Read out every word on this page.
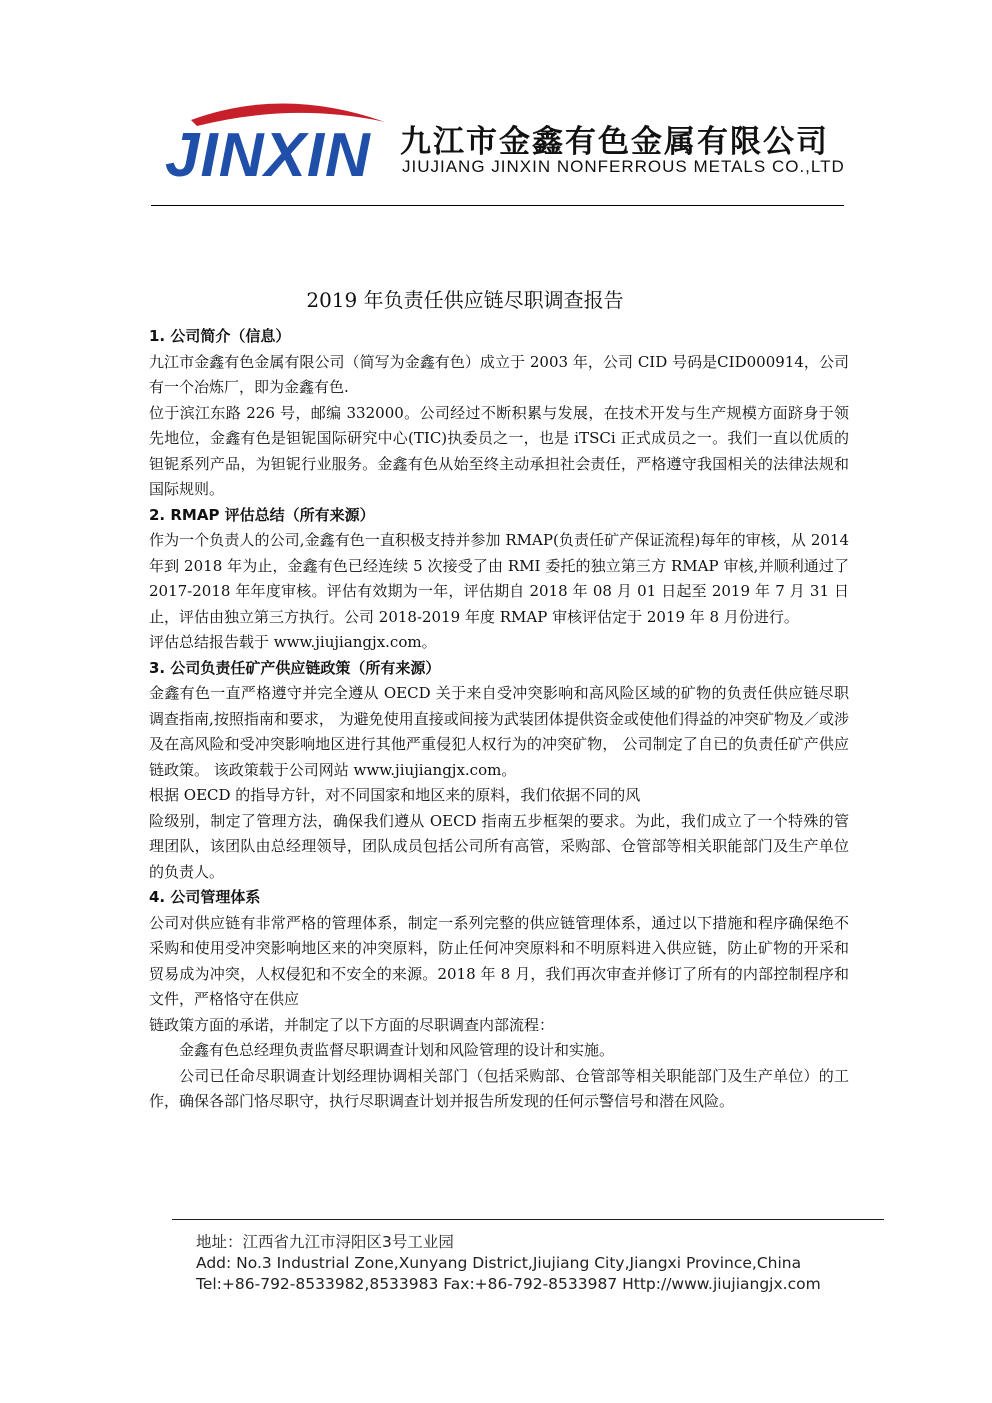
JINXIN 九江市金鑫有色金属有限公司
JIUJIANG JINXIN NONFERROUS METALS CO.,LTD
2019 年负责任供应链尽职调查报告
1. 公司简介（信息）

九江市金鑫有色金属有限公司（简写为金鑫有色）成立于 2003 年，公司 CID 号码是CID000914，公司有一个冶炼厂，即为金鑫有色.

位于滨江东路 226 号，邮编 332000。公司经过不断积累与发展，在技术开发与生产规模方面跻身于领先地位，金鑫有色是钽铌国际研究中心(TIC)执委员之一，也是 iTSCi 正式成员之一。我们一直以优质的钽铌系列产品，为钽铌行业服务。金鑫有色从始至终主动承担社会责任，严格遵守我国相关的法律法规和国际规则。

2. RMAP 评估总结（所有来源）

作为一个负责人的公司,金鑫有色一直积极支持并参加 RMAP(负责任矿产保证流程)每年的审核，从 2014 年到 2018 年为止，金鑫有色已经连续 5 次接受了由 RMI 委托的独立第三方 RMAP 审核,并顺利通过了 2017-2018 年年度审核。评估有效期为一年，评估期自 2018 年 08 月 01 日起至 2019 年 7 月 31 日止，评估由独立第三方执行。公司 2018-2019 年度 RMAP 审核评估定于 2019 年 8 月份进行。

评估总结报告载于 www.jiujiangjx.com。

3. 公司负责任矿产供应链政策（所有来源）

金鑫有色一直严格遵守并完全遵从 OECD 关于来自受冲突影响和高风险区域的矿物的负责任供应链尽职调查指南,按照指南和要求， 为避免使用直接或间接为武装团体提供资金或使他们得益的冲突矿物及／或涉及在高风险和受冲突影响地区进行其他严重侵犯人权行为的冲突矿物， 公司制定了自已的负责任矿产供应链政策。 该政策载于公司网站 www.jiujiangjx.com。

根据 OECD 的指导方针，对不同国家和地区来的原料，我们依据不同的风

险级别，制定了管理方法，确保我们遵从 OECD 指南五步框架的要求。为此，我们成立了一个特殊的管理团队，该团队由总经理领导，团队成员包括公司所有高管，采购部、仓管部等相关职能部门及生产单位的负责人。

4. 公司管理体系

公司对供应链有非常严格的管理体系，制定一系列完整的供应链管理体系，通过以下措施和程序确保绝不采购和使用受冲突影响地区来的冲突原料，防止任何冲突原料和不明原料进入供应链，防止矿物的开采和贸易成为冲突，人权侵犯和不安全的来源。2018 年 8 月，我们再次审查并修订了所有的内部控制程序和文件，严格恪守在供应

链政策方面的承诺，并制定了以下方面的尽职调查内部流程：

金鑫有色总经理负责监督尽职调查计划和风险管理的设计和实施。

公司已任命尽职调查计划经理协调相关部门（包括采购部、仓管部等相关职能部门及生产单位）的工作，确保各部门恪尽职守，执行尽职调查计划并报告所发现的任何示警信号和潜在风险。

地址：江西省九江市浔阳区3号工业园
Add: No.3 Industrial Zone,Xunyang District,Jiujiang City,Jiangxi Province,China
Tel:+86-792-8533982,8533983 Fax:+86-792-8533987 Http://www.jiujiangjx.com
